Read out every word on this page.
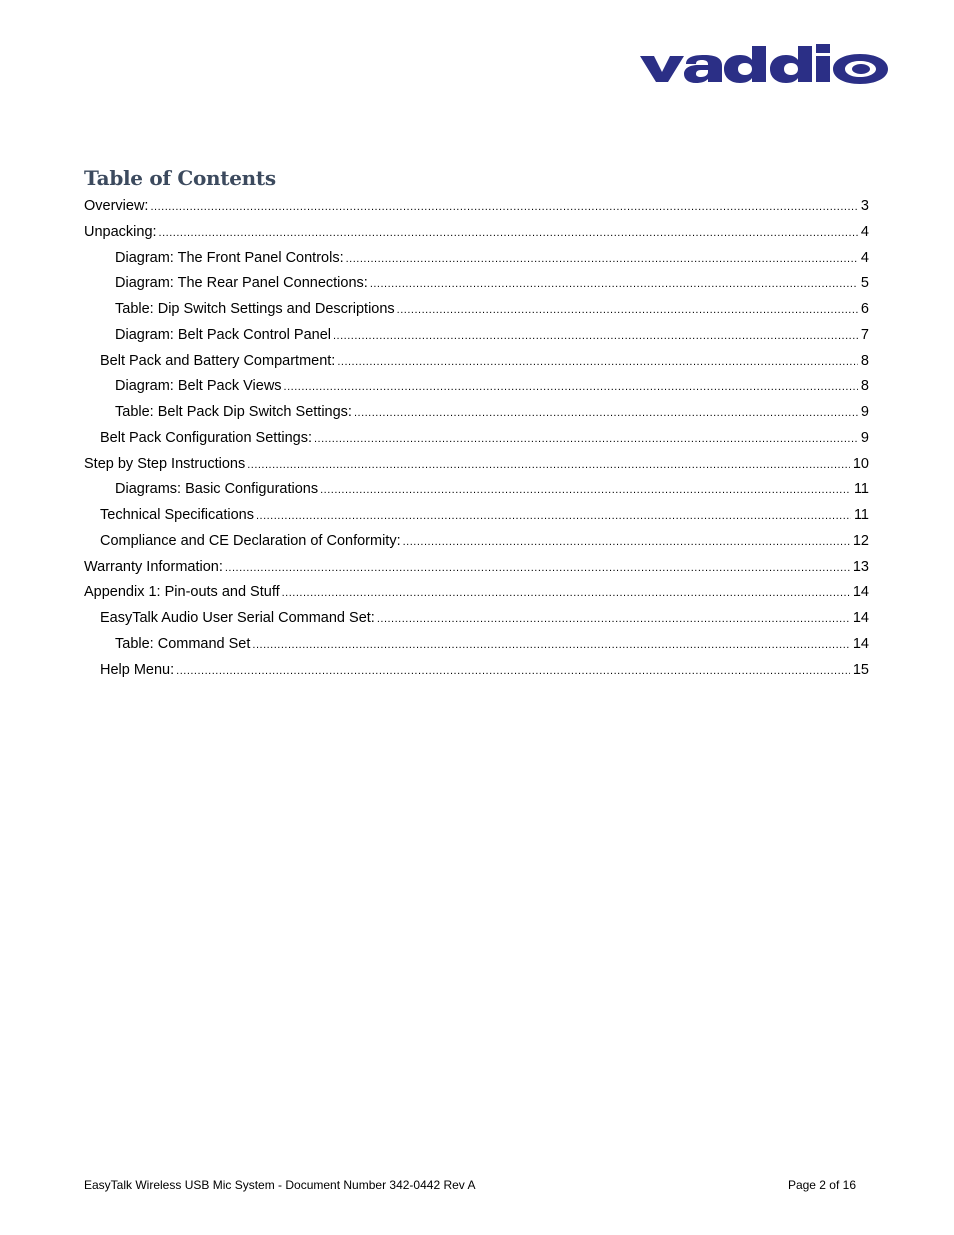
Table of Contents
Overview: .....	3
Unpacking: .....	4
Diagram: The Front Panel Controls: .....	4
Diagram: The Rear Panel Connections: .....	5
Table: Dip Switch Settings and Descriptions .....	6
Diagram: Belt Pack Control Panel .....	7
Belt Pack and Battery Compartment: .....	8
Diagram: Belt Pack Views .....	8
Table: Belt Pack Dip Switch Settings: .....	9
Belt Pack Configuration Settings: .....	9
Step by Step Instructions .....	10
Diagrams: Basic Configurations .....	11
Technical Specifications .....	11
Compliance and CE Declaration of Conformity: .....	12
Warranty Information: .....	13
Appendix 1: Pin-outs and Stuff .....	14
EasyTalk Audio User Serial Command Set: .....	14
Table: Command Set .....	14
Help Menu: .....	15
EasyTalk Wireless USB Mic System - Document Number 342-0442 Rev A	Page 2 of 16
